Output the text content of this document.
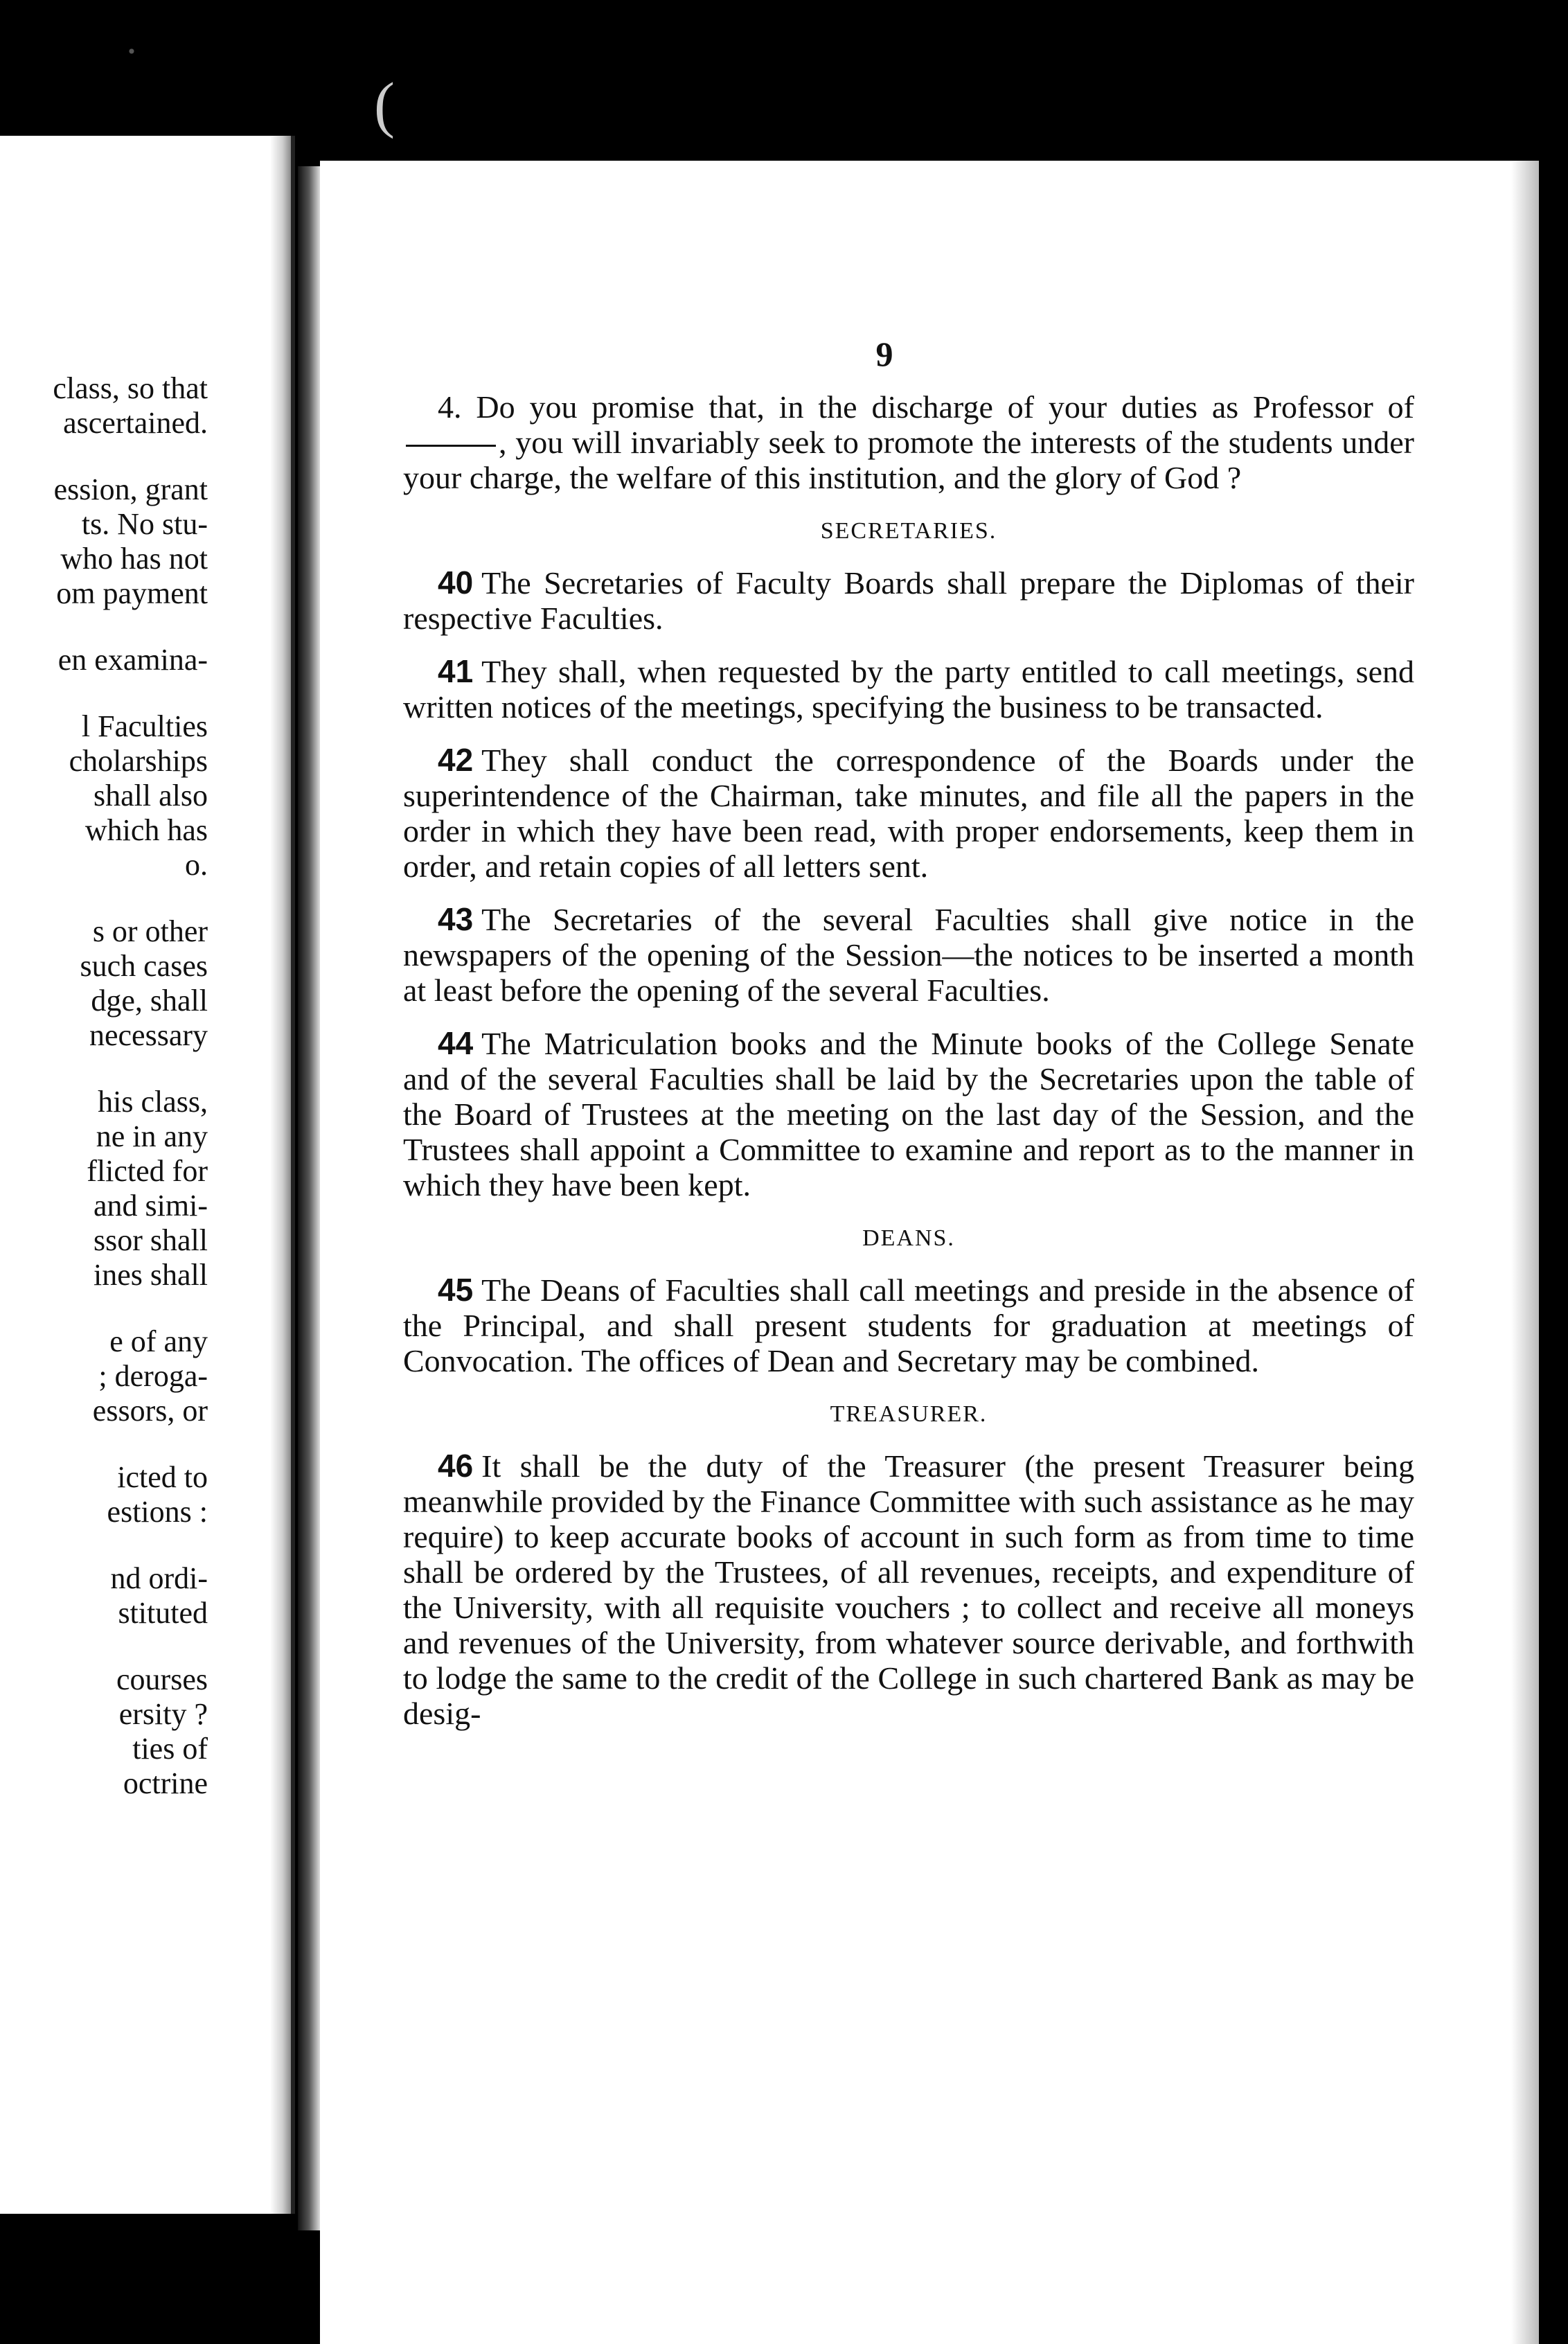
·
(
class, so that
ascertained.
ession, grant
ts. No stu-
who has not
om payment
en examina-
l Faculties
cholarships
shall also
which has
o.
s or other
such cases
dge, shall
necessary
his class,
ne in any
flicted for
and simi-
ssor shall
ines shall
e of any
; deroga-
essors, or
icted to
estions :
nd ordi-
stituted
courses
ersity ?
ties of
octrine
9

4. Do you promise that, in the discharge of your duties as Professor of, you will invariably seek to promote the interests of the students under your charge, the welfare of this institution, and the glory of God ?

SECRETARIES.

40 The Secretaries of Faculty Boards shall prepare the Diplomas of their respective Faculties.

41 They shall, when requested by the party entitled to call meetings, send written notices of the meetings, specifying the business to be transacted.

42 They shall conduct the correspondence of the Boards under the superintendence of the Chairman, take minutes, and file all the papers in the order in which they have been read, with proper endorsements, keep them in order, and retain copies of all letters sent.

43 The Secretaries of the several Faculties shall give notice in the newspapers of the opening of the Session—the notices to be inserted a month at least before the opening of the several Faculties.

44 The Matriculation books and the Minute books of the College Senate and of the several Faculties shall be laid by the Secretaries upon the table of the Board of Trustees at the meeting on the last day of the Session, and the Trustees shall appoint a Committee to examine and report as to the manner in which they have been kept.

DEANS.

45 The Deans of Faculties shall call meetings and preside in the absence of the Principal, and shall present students for graduation at meetings of Convocation. The offices of Dean and Secretary may be combined.

TREASURER.

46 It shall be the duty of the Treasurer (the present Treasurer being meanwhile provided by the Finance Committee with such assistance as he may require) to keep accurate books of account in such form as from time to time shall be ordered by the Trustees, of all revenues, receipts, and expenditure of the University, with all requisite vouchers ; to collect and receive all moneys and revenues of the University, from whatever source derivable, and forthwith to lodge the same to the credit of the College in such chartered Bank as may be desig-
